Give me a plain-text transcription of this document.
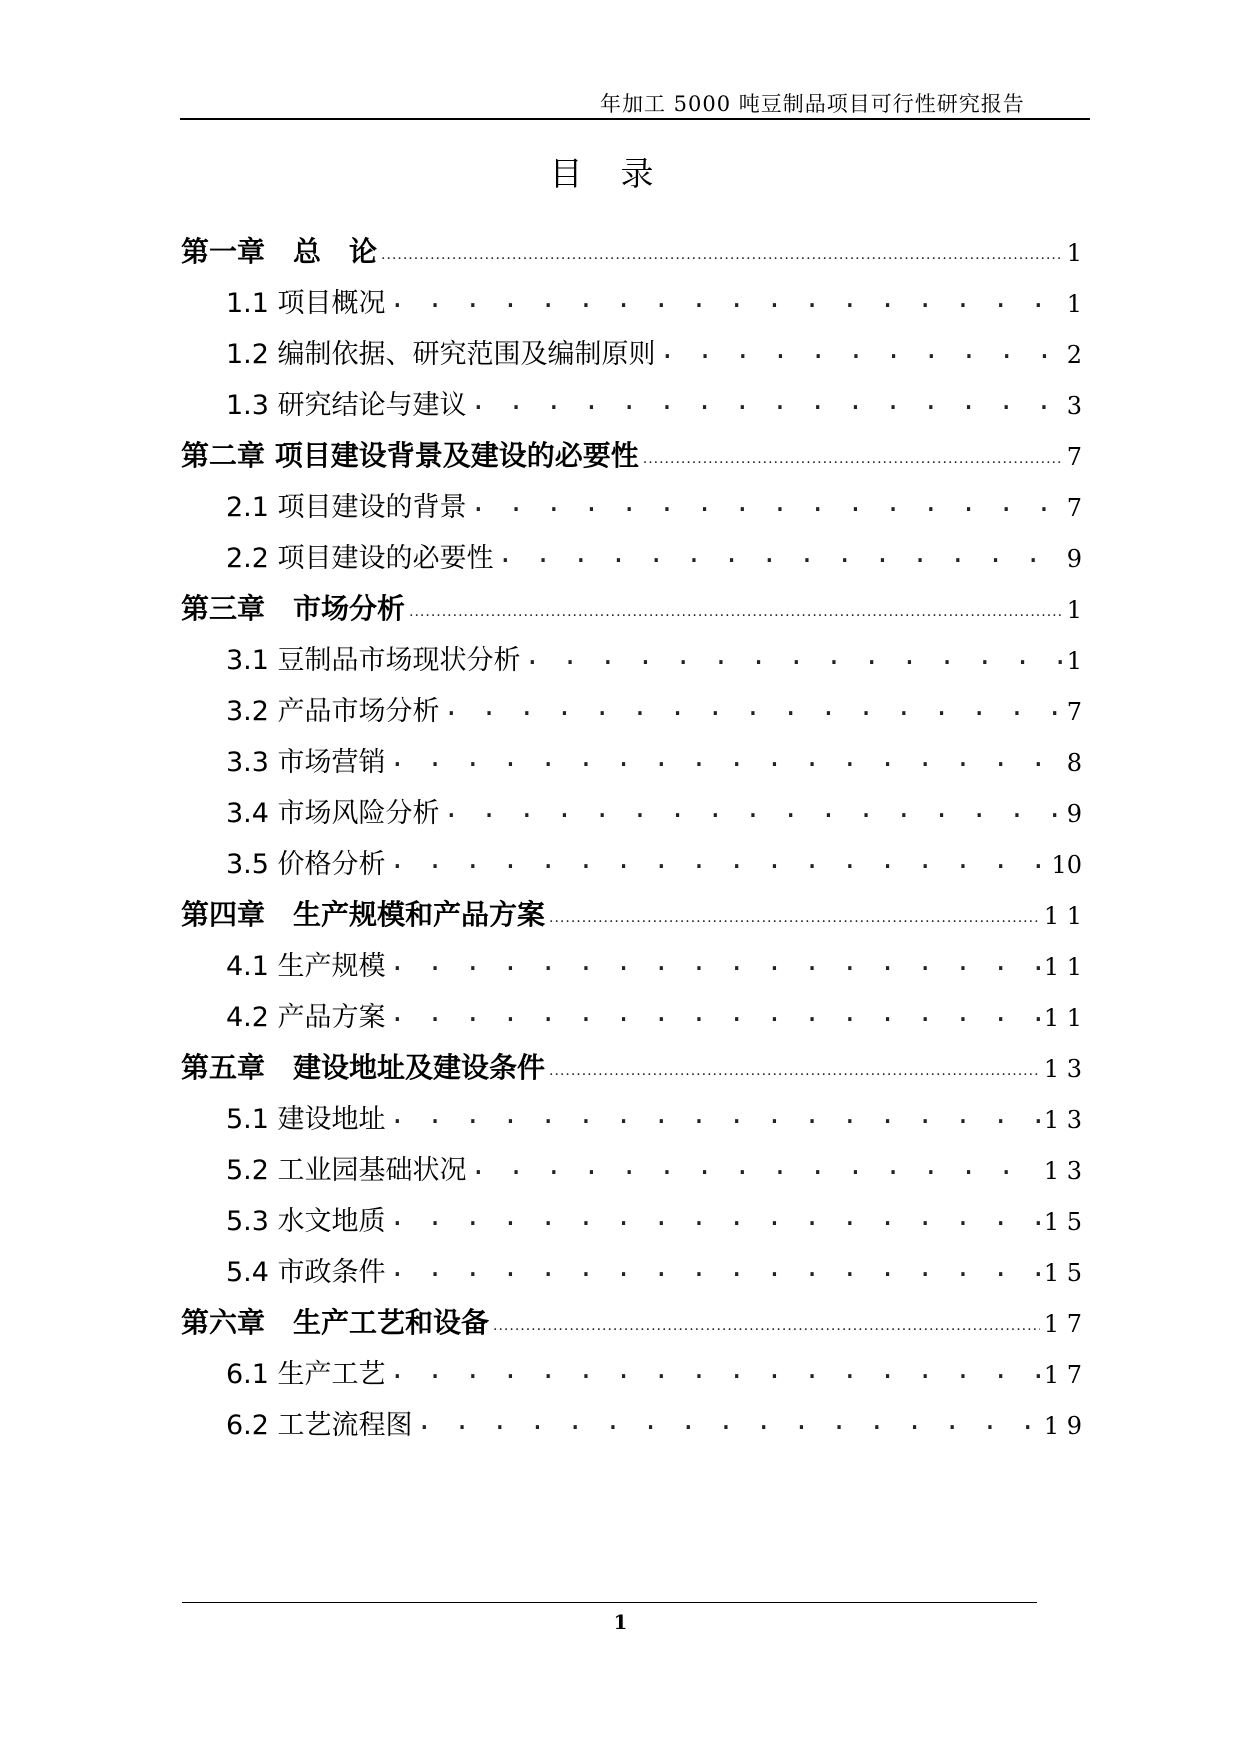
年加工 5000 吨豆制品项目可行性研究报告
目录
第一章　总　论 .....	1
1.1 项目概况 . . .	1
1.2 编制依据、研究范围及编制原则 . . .	2
1.3 研究结论与建议 . . .	3
第二章 项目建设背景及建设的必要性 .....	7
2.1 项目建设的背景 . . .	7
2.2 项目建设的必要性 . . .	9
第三章　市场分析 .....	1
3.1 豆制品市场现状分析 . . .	1
3.2 产品市场分析 . . .	7
3.3 市场营销 . . .	8
3.4 市场风险分析 . . .	9
3.5 价格分析 . . .	10
第四章　生产规模和产品方案 .....	1 1
4.1 生产规模 . . .	1 1
4.2 产品方案 . . .	1 1
第五章　建设地址及建设条件 .....	1 3
5.1 建设地址 . . .	1 3
5.2 工业园基础状况 . . .	1 3
5.3 水文地质 . . .	1 5
5.4 市政条件 . . .	1 5
第六章　生产工艺和设备 .....	1 7
6.1 生产工艺 . . .	1 7
6.2 工艺流程图 . . .	1 9
1
